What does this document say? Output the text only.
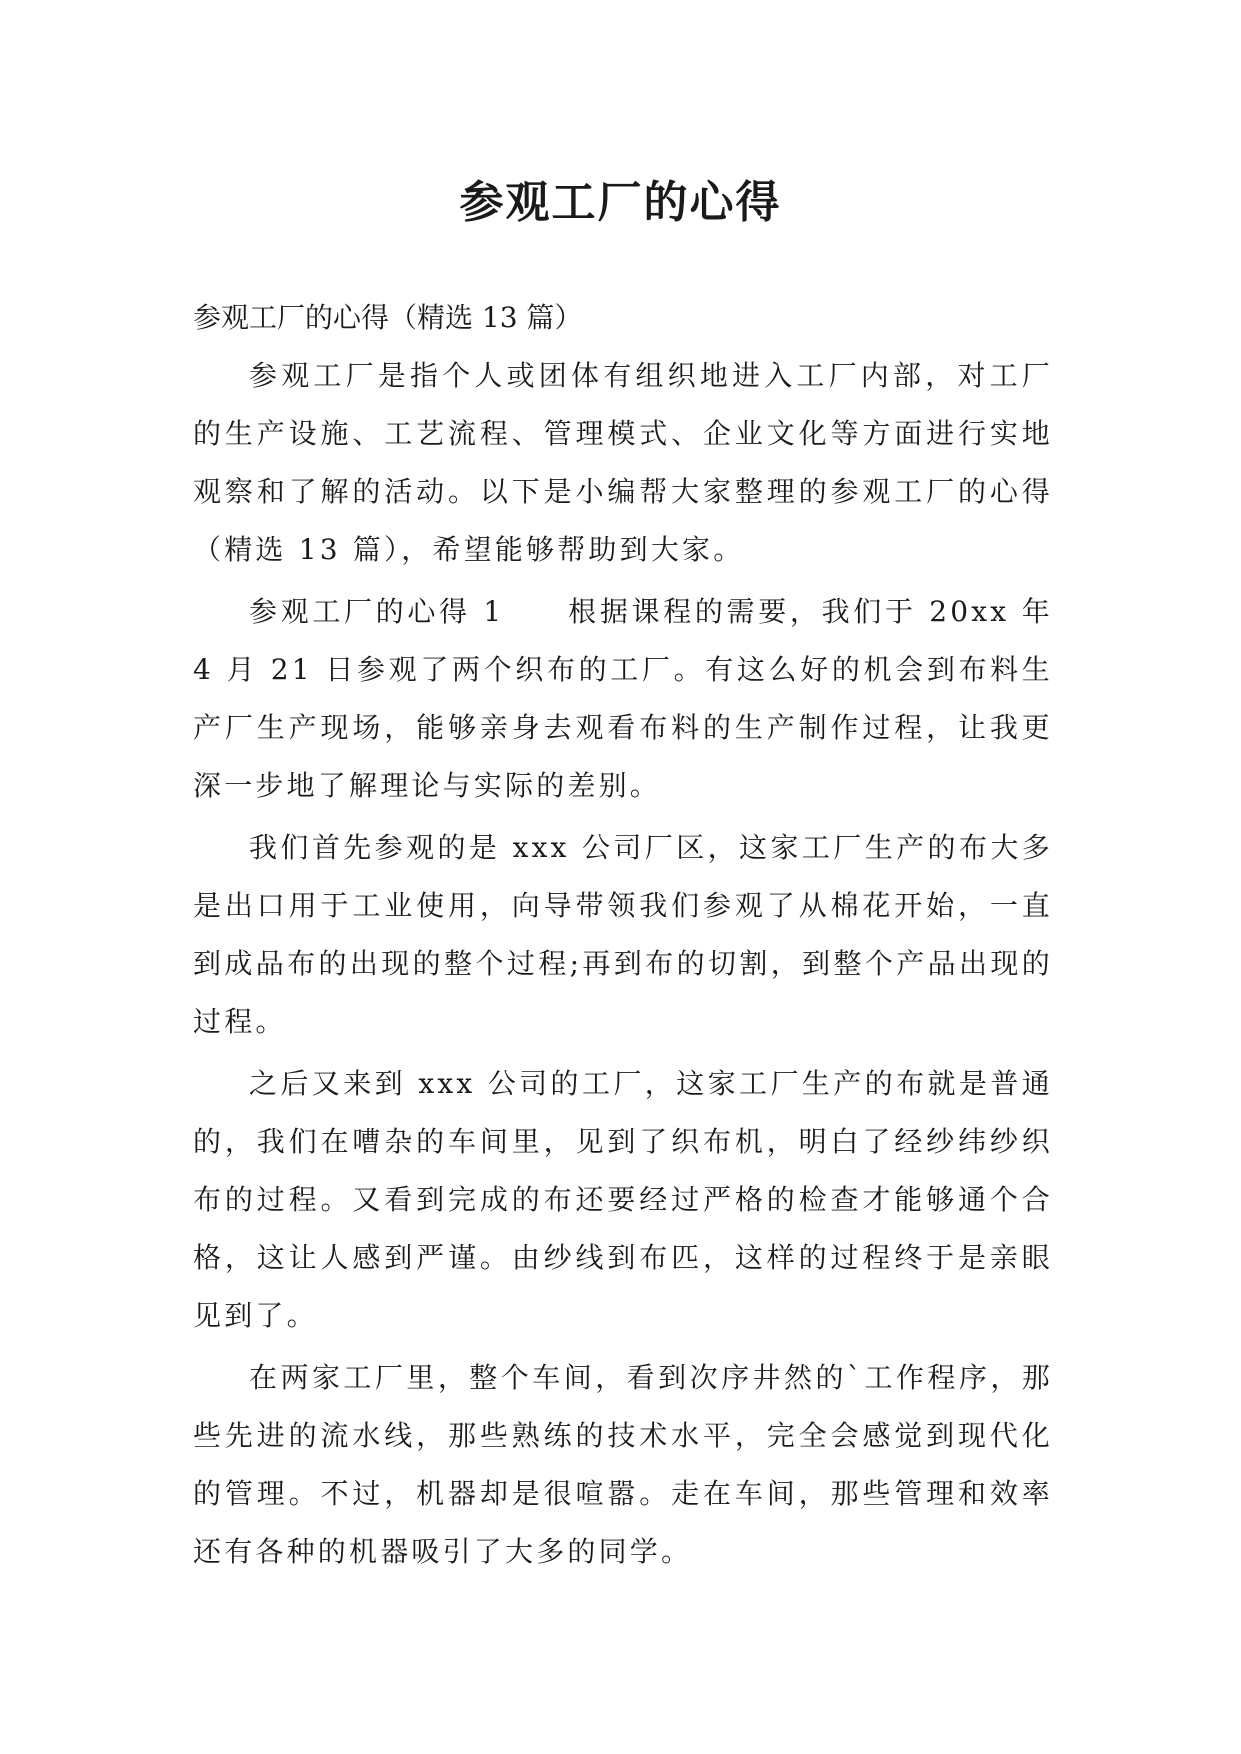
参观工厂的心得

参观工厂的心得（精选 13 篇）

参观工厂是指个人或团体有组织地进入工厂内部，对工厂的生产设施、工艺流程、管理模式、企业文化等方面进行实地观察和了解的活动。以下是小编帮大家整理的参观工厂的心得（精选 13 篇），希望能够帮助到大家。

参观工厂的心得 1　　根据课程的需要，我们于 20xx 年 4 月 21 日参观了两个织布的工厂。有这么好的机会到布料生产厂生产现场，能够亲身去观看布料的生产制作过程，让我更深一步地了解理论与实际的差别。

我们首先参观的是 xxx 公司厂区，这家工厂生产的布大多是出口用于工业使用，向导带领我们参观了从棉花开始，一直到成品布的出现的整个过程;再到布的切割，到整个产品出现的过程。

之后又来到 xxx 公司的工厂，这家工厂生产的布就是普通的，我们在嘈杂的车间里，见到了织布机，明白了经纱纬纱织布的过程。又看到完成的布还要经过严格的检查才能够通个合格，这让人感到严谨。由纱线到布匹，这样的过程终于是亲眼见到了。

在两家工厂里，整个车间，看到次序井然的`工作程序，那些先进的流水线，那些熟练的技术水平，完全会感觉到现代化的管理。不过，机器却是很喧嚣。走在车间，那些管理和效率还有各种的机器吸引了大多的同学。
